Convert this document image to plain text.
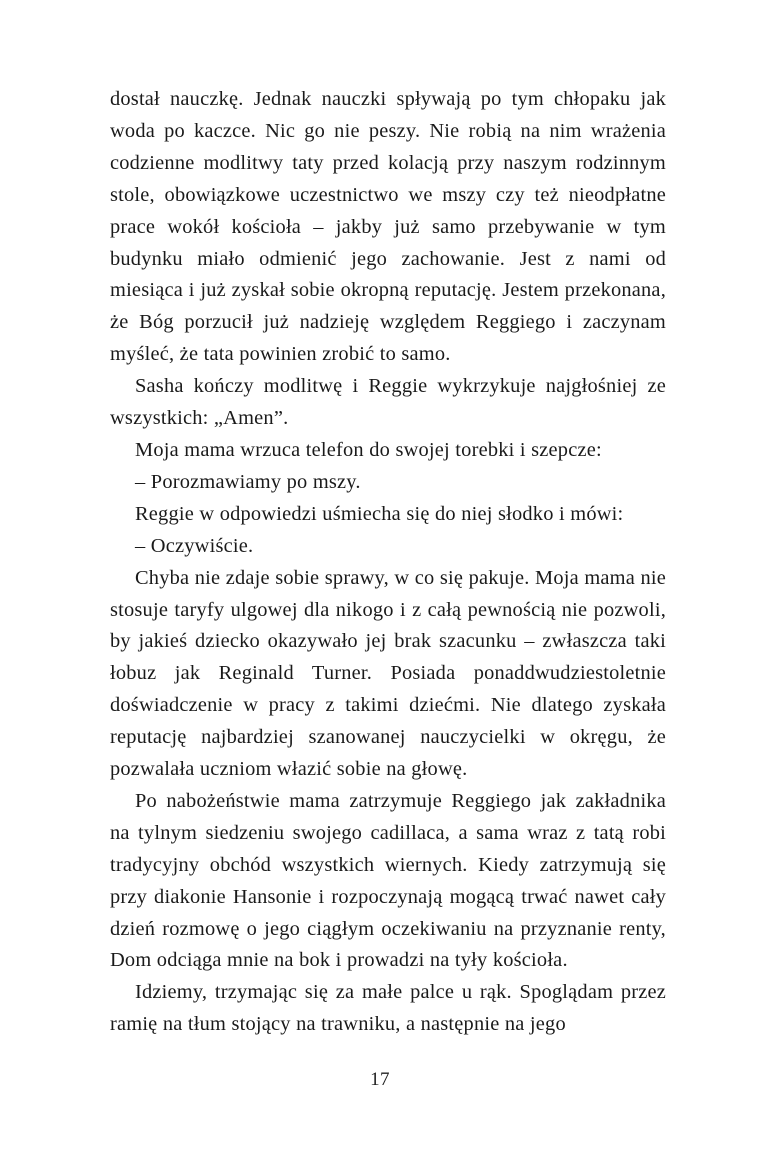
dostał nauczkę. Jednak nauczki spływają po tym chłopaku jak woda po kaczce. Nic go nie peszy. Nie robią na nim wrażenia codzienne modlitwy taty przed kolacją przy naszym rodzinnym stole, obowiązkowe uczestnictwo we mszy czy też nieodpłatne prace wokół kościoła – jakby już samo przebywanie w tym budynku miało odmienić jego zachowanie. Jest z nami od miesiąca i już zyskał sobie okropną reputację. Jestem przekonana, że Bóg porzucił już nadzieję względem Reggiego i zaczynam myśleć, że tata powinien zrobić to samo.

Sasha kończy modlitwę i Reggie wykrzykuje najgłośniej ze wszystkich: „Amen”.

Moja mama wrzuca telefon do swojej torebki i szepcze:

– Porozmawiamy po mszy.

Reggie w odpowiedzi uśmiecha się do niej słodko i mówi:

– Oczywiście.

Chyba nie zdaje sobie sprawy, w co się pakuje. Moja mama nie stosuje taryfy ulgowej dla nikogo i z całą pewnością nie pozwoli, by jakieś dziecko okazywało jej brak szacunku – zwłaszcza taki łobuz jak Reginald Turner. Posiada ponaddwudziestoletnie doświadczenie w pracy z takimi dziećmi. Nie dlatego zyskała reputację najbardziej szanowanej nauczycielki w okręgu, że pozwalała uczniom włazić sobie na głowę.

Po nabożeństwie mama zatrzymuje Reggiego jak zakładnika na tylnym siedzeniu swojego cadillaca, a sama wraz z tatą robi tradycyjny obchód wszystkich wiernych. Kiedy zatrzymują się przy diakonie Hansonie i rozpoczynają mogącą trwać nawet cały dzień rozmowę o jego ciągłym oczekiwaniu na przyznanie renty, Dom odciąga mnie na bok i prowadzi na tyły kościoła.

Idziemy, trzymając się za małe palce u rąk. Spoglądam przez ramię na tłum stojący na trawniku, a następnie na jego

17
